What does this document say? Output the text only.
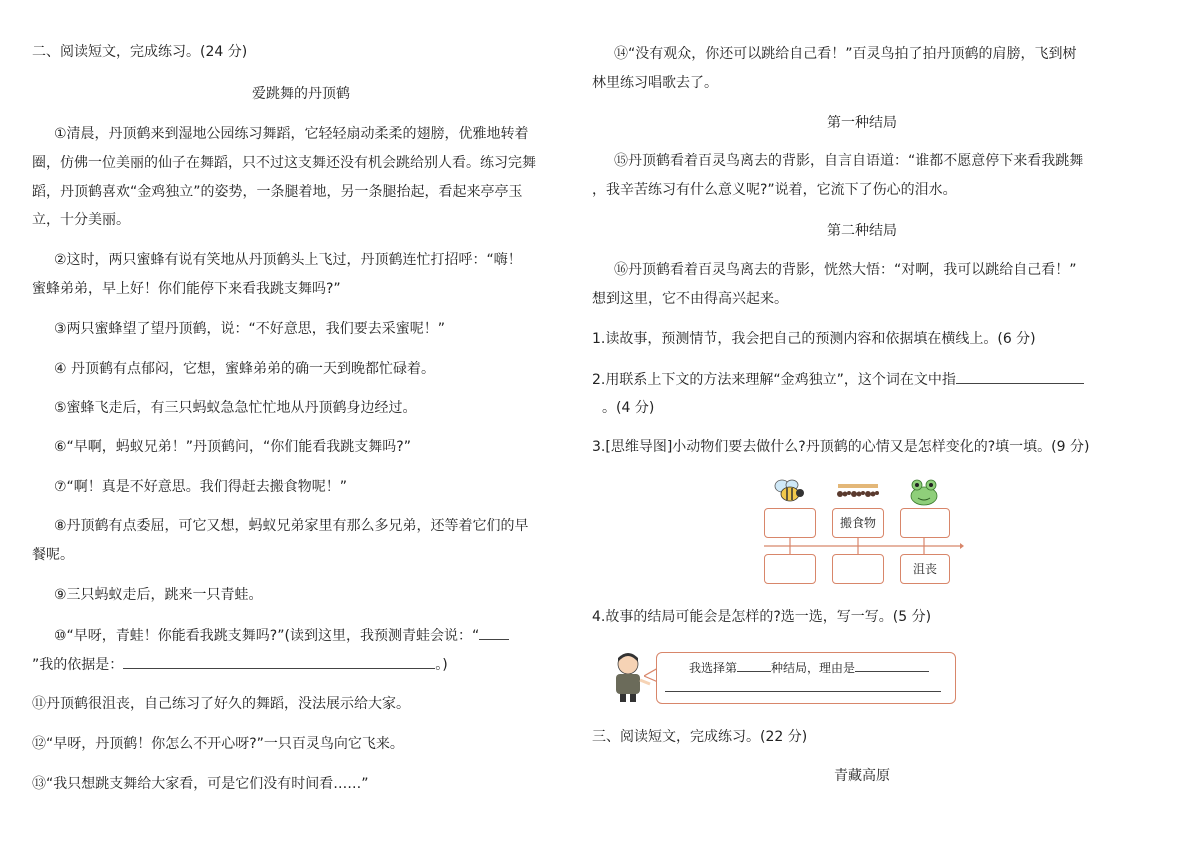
二、阅读短文，完成练习。(24 分)
爱跳舞的丹顶鹤
①清晨，丹顶鹤来到湿地公园练习舞蹈，它轻轻扇动柔柔的翅膀，优雅地转着
圈，仿佛一位美丽的仙子在舞蹈，只不过这支舞还没有机会跳给别人看。练习完舞
蹈，丹顶鹤喜欢“金鸡独立”的姿势，一条腿着地，另一条腿抬起，看起来亭亭玉
立，十分美丽。
②这时，两只蜜蜂有说有笑地从丹顶鹤头上飞过，丹顶鹤连忙打招呼：“嗨！
蜜蜂弟弟，早上好！你们能停下来看我跳支舞吗?”
③两只蜜蜂望了望丹顶鹤，说：“不好意思，我们要去采蜜呢！”
④ 丹顶鹤有点郁闷，它想，蜜蜂弟弟的确一天到晚都忙碌着。
⑤蜜蜂飞走后，有三只蚂蚁急急忙忙地从丹顶鹤身边经过。
⑥“早啊，蚂蚁兄弟！”丹顶鹤问，“你们能看我跳支舞吗?”
⑦“啊！真是不好意思。我们得赶去搬食物呢！”
⑧丹顶鹤有点委屈，可它又想，蚂蚁兄弟家里有那么多兄弟，还等着它们的早
餐呢。
⑨三只蚂蚁走后，跳来一只青蛙。
⑩“早呀，青蛙！你能看我跳支舞吗?”(读到这里，我预测青蛙会说：“
”我的依据是：	。)
⑪丹顶鹤很沮丧，自己练习了好久的舞蹈，没法展示给大家。
⑫“早呀，丹顶鹤！你怎么不开心呀?”一只百灵鸟向它飞来。
⑬“我只想跳支舞给大家看，可是它们没有时间看……”
⑭“没有观众，你还可以跳给自己看！”百灵鸟拍了拍丹顶鹤的肩膀，飞到树
林里练习唱歌去了。
第一种结局
⑮丹顶鹤看着百灵鸟离去的背影，自言自语道：“谁都不愿意停下来看我跳舞
，我辛苦练习有什么意义呢?”说着，它流下了伤心的泪水。
第二种结局
⑯丹顶鹤看着百灵鸟离去的背影，恍然大悟：“对啊，我可以跳给自己看！”
想到这里，它不由得高兴起来。
1.读故事，预测情节，我会把自己的预测内容和依据填在横线上。(6 分)
2.用联系上下文的方法来理解“金鸡独立”，这个词在文中指
。(4 分)
3.[思维导图]小动物们要去做什么?丹顶鹤的心情又是怎样变化的?填一填。(9 分)
4.故事的结局可能会是怎样的?选一选，写一写。(5 分)
三、阅读短文，完成练习。(22 分)
青藏高原
搬食物
沮丧
我选择第	种结局，理由是
